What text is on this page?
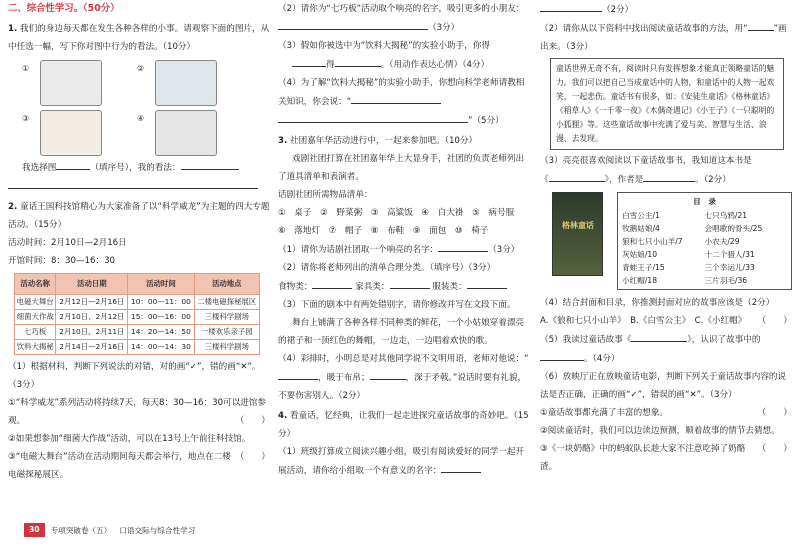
二、综合性学习。（50分）

1. 我们的身边每天都在发生各种各样的小事。请观察下面的图片，从中任选一幅，写下你对图中行为的看法。（10分）

①	②
③	④

我选择图	（填序号），我的看法：

2. 童话王国科技馆精心为大家准备了以“科学威龙”为主题的四大专题活动。（15分）

活动时间：2月10日—2月16日

开馆时间：8：30—16：30

活动名称	活动日期	活动时间	活动地点
电磁大舞台	2月12日—2月16日	10：00—11：00	二楼电磁探秘展区
细菌大作战	2月10日、2月12日	15：00—16：00	三楼科学剧场
七巧板	2月10日、2月11日	14：20—14：50	一楼欢乐亲子园
饮料大揭秘	2月14日—2月16日	14：00—14：30	三楼科学剧场

（1）根据材料，判断下列说法的对错，对的画“✓”，错的画“✕”。（3分）

①“科学威龙”系列活动将持续7天，每天8：30—16：30可以进馆参观。	（　　）

②如果想参加“细菌大作战”活动，可以在13号上午前往科技馆。
（　　）

③“电磁大舞台”活动在活动期间每天都会举行，地点在二楼电磁探秘展区。

（2）请你为“七巧板”活动取个响亮的名字，吸引更多的小朋友：（3分）

（3）假如你被选中为“饮料大揭秘”的实验小助手，你得

得	。（用动作表达心情）（4分）

（4）为了解“饮料大揭秘”的实验小助手，你想向科学老师请教相关知识，你会说：“

”（5分）

3. 社团嘉年华活动进行中，一起来参加吧。（10分）

戏剧社团打算在社团嘉年华上大显身手，社团的负责老师列出了道具清单和表演者。

话剧社团所需物品清单：

①　桌子　②　野菜粥　③　高粱饭　④　白大褂　⑤　病号服

⑥　落地灯　⑦　帽子　⑧　布鞋　⑨　面包　⑩　椅子

（1）请你为话剧社团取一个响亮的名字：	（3分）

（2）请你将老师列出的清单合理分类。（填序号）（3分）

食物类：	家具类：	服装类：

（3）下面的剧本中有两处错别字，请你修改并写在文段下面。

舞台上铺满了各种各样不同种类的鲜花，一个小姑娘穿着漂亮的裙子和一顶红色的舞帽，一边走，一边唱着欢快的歌。

（4）彩排时，小明总是对其他同学说不文明用语，老师对他说：“，暖于布帛；	，深于矛戟。”说话时要有礼貌，不要伤害别人。（2分）

4. 看童话，忆经典，让我们一起走进探究童话故事的奇妙吧。（15分）

（1）班级打算成立阅读兴趣小组，吸引有阅读爱好的同学一起开展活动，请你给小组取一个有意义的名字：

（2分）

（2）请你从以下资料中找出阅读童话故事的方法，用“	”画出来。（3分）

童话世界无奇不有，阅读时只有发挥想象才能真正领略童话的魅力。我们可以把自己当成童话中的人物，和童话中的人物一起欢笑，一起悲伤。童话书有很多，如：《安徒生童话》《格林童话》《稻草人》《一千零一夜》《木偶奇遇记》《小王子》《一只聪明的小狐狸》等。这些童话故事中充满了爱与美、智慧与生活、浪漫、去发现。

（3）亮亮很喜欢阅读以下童话故事书，我知道这本书是

《	》，作者是	。（2分）

格林童话
目　录
白雪公主/1	七只乌鸦/21
牧鹅姑娘/4	会唱歌的骨头/25
狼和七只小山羊/7	小农夫/29
灰姑娘/10	十二个猎人/31
青蛙王子/15	三个幸运儿/33
小红帽/18	三片羽毛/36

（4）结合封面和目录，你推测封面对应的故事应该是（2分）
（　　）

A.《狼和七只小山羊》　B.《白雪公主》　C.《小红帽》

（5）我读过童话故事《	》，认识了故事中的。（4分）

（6）放映厅正在放映童话电影，判断下列关于童话故事内容的说法是否正确，正确的画“✓”，错误的画“✕”。（3分）

①童话故事都充满了丰富的想象。	（　　）

②阅读童话时，我们可以边读边预测，顺着故事的情节去猜想。
（　　）

③《一块奶酪》中的蚂蚁队长趁大家不注意吃掉了奶酪渣。

30	专项突破卷（五） 口语交际与综合性学习
